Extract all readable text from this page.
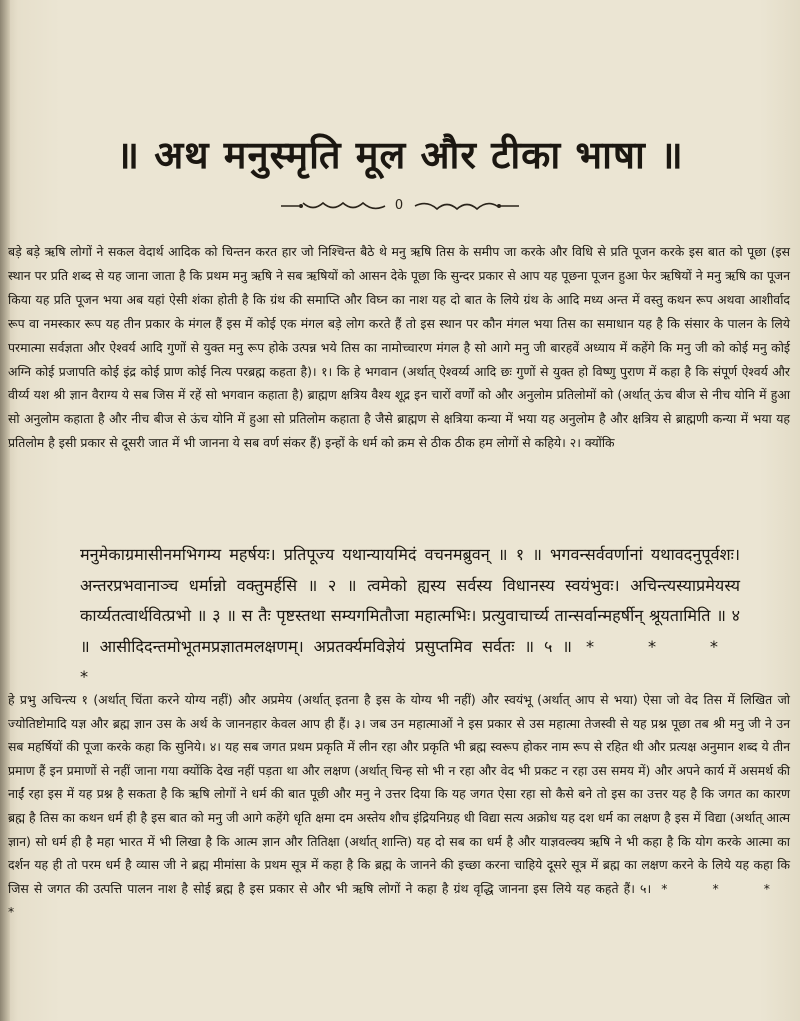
॥ अथ मनुस्मृति मूल और टीका भाषा ॥
0

बड़े बड़े ऋषि लोगों ने सकल वेदार्थ आदिक को चिन्तन करत हार जो निश्चिन्त बैठे थे मनु ऋषि तिस के समीप जा करके और विधि से प्रति पूजन करके इस बात को पूछा (इस स्थान पर प्रति शब्द से यह जाना जाता है कि प्रथम मनु ऋषि ने सब ऋषियों को आसन देके पूछा कि सुन्दर प्रकार से आप यह पूछना पूजन हुआ फेर ऋषियों ने मनु ऋषि का पूजन किया यह प्रति पूजन भया अब यहां ऐसी शंका होती है कि ग्रंथ की समाप्ति और विघ्न का नाश यह दो बात के लिये ग्रंथ के आदि मध्य अन्त में वस्तु कथन रूप अथवा आशीर्वाद रूप वा नमस्कार रूप यह तीन प्रकार के मंगल हैं इस में कोई एक मंगल बड़े लोग करते हैं तो इस स्थान पर कौन मंगल भया तिस का समाधान यह है कि संसार के पालन के लिये परमात्मा सर्वज्ञता और ऐश्वर्य आदि गुणों से युक्त मनु रूप होके उत्पन्न भये तिस का नामोच्चारण मंगल है सो आगे मनु जी बारहवें अध्याय में कहेंगे कि मनु जी को कोई मनु कोई अग्नि कोई प्रजापति कोई इंद्र कोई प्राण कोई नित्य परब्रह्म कहता है)। १। कि हे भगवान (अर्थात् ऐश्वर्य्य आदि छः गुणों से युक्त हो विष्णु पुराण में कहा है कि संपूर्ण ऐश्वर्य और वीर्य्य यश श्री ज्ञान वैराग्य ये सब जिस में रहें सो भगवान कहाता है) ब्राह्मण क्षत्रिय वैश्य शूद्र इन चारों वर्णों को और अनुलोम प्रतिलोमों को (अर्थात् ऊंच बीज से नीच योनि में हुआ सो अनुलोम कहाता है और नीच बीज से ऊंच योनि में हुआ सो प्रतिलोम कहाता है जैसे ब्राह्मण से क्षत्रिया कन्या में भया यह अनुलोम है और क्षत्रिय से ब्राह्मणी कन्या में भया यह प्रतिलोम है इसी प्रकार से दूसरी जात में भी जानना ये सब वर्ण संकर हैं) इन्हों के धर्म को क्रम से ठीक ठीक हम लोगों से कहिये। २। क्योंकि

मनुमेकाग्रमासीनमभिगम्य महर्षयः। प्रतिपूज्य यथान्यायमिदं वचनमब्रुवन् ॥ १ ॥ भगवन्सर्ववर्णानां यथावदनुपूर्वशः। अन्तरप्रभवानाञ्च धर्मान्नो वक्तुमर्हसि ॥ २ ॥ त्वमेको ह्यस्य सर्वस्य विधानस्य स्वयंभुवः। अचिन्त्यस्याप्रमेयस्य कार्य्यतत्वार्थवित्प्रभो ॥ ३ ॥ स तैः पृष्टस्तथा सम्यगमितौजा महात्मभिः। प्रत्युवाचार्च्य तान्सर्वान्महर्षीन् श्रूयतामिति ॥ ४ ॥ आसीदिदन्तमोभूतमप्रज्ञातमलक्षणम्। अप्रतर्क्यमविज्ञेयं प्रसुप्तमिव सर्वतः ॥ ५ ॥ * * * *
हे प्रभु अचिन्त्य १ (अर्थात् चिंता करने योग्य नहीं) और अप्रमेय (अर्थात् इतना है इस के योग्य भी नहीं) और स्वयंभू (अर्थात् आप से भया) ऐसा जो वेद तिस में लिखित जो ज्योतिष्टोमादि यज्ञ और ब्रह्म ज्ञान उस के अर्थ के जाननहार केवल आप ही हैं। ३। जब उन महात्माओं ने इस प्रकार से उस महात्मा तेजस्वी से यह प्रश्न पूछा तब श्री मनु जी ने उन सब महर्षियों की पूजा करके कहा कि सुनिये। ४। यह सब जगत प्रथम प्रकृति में लीन रहा और प्रकृति भी ब्रह्म स्वरूप होकर नाम रूप से रहित थी और प्रत्यक्ष अनुमान शब्द ये तीन प्रमाण हैं इन प्रमाणों से नहीं जाना गया क्योंकि देख नहीं पड़ता था और लक्षण (अर्थात् चिन्ह सो भी न रहा और वेद भी प्रकट न रहा उस समय में) और अपने कार्य में असमर्थ की नाईं रहा इस में यह प्रश्न है सकता है कि ऋषि लोगों ने धर्म की बात पूछी और मनु ने उत्तर दिया कि यह जगत ऐसा रहा सो कैसे बने तो इस का उत्तर यह है कि जगत का कारण ब्रह्म है तिस का कथन धर्म ही है इस बात को मनु जी आगे कहेंगे धृति क्षमा दम अस्तेय शौच इंद्रियनिग्रह धी विद्या सत्य अक्रोध यह दश धर्म का लक्षण है इस में विद्या (अर्थात् आत्म ज्ञान) सो धर्म ही है महा भारत में भी लिखा है कि आत्म ज्ञान और तितिक्षा (अर्थात् शान्ति) यह दो सब का धर्म है और याज्ञवल्क्य ऋषि ने भी कहा है कि योग करके आत्मा का दर्शन यह ही तो परम धर्म है व्यास जी ने ब्रह्म मीमांसा के प्रथम सूत्र में कहा है कि ब्रह्म के जानने की इच्छा करना चाहिये दूसरे सूत्र में ब्रह्म का लक्षण करने के लिये यह कहा कि जिस से जगत की उत्पत्ति पालन नाश है सोई ब्रह्म है इस प्रकार से और भी ऋषि लोगों ने कहा है ग्रंथ वृद्धि जानना इस लिये यह कहते हैं। ५। * * * *
